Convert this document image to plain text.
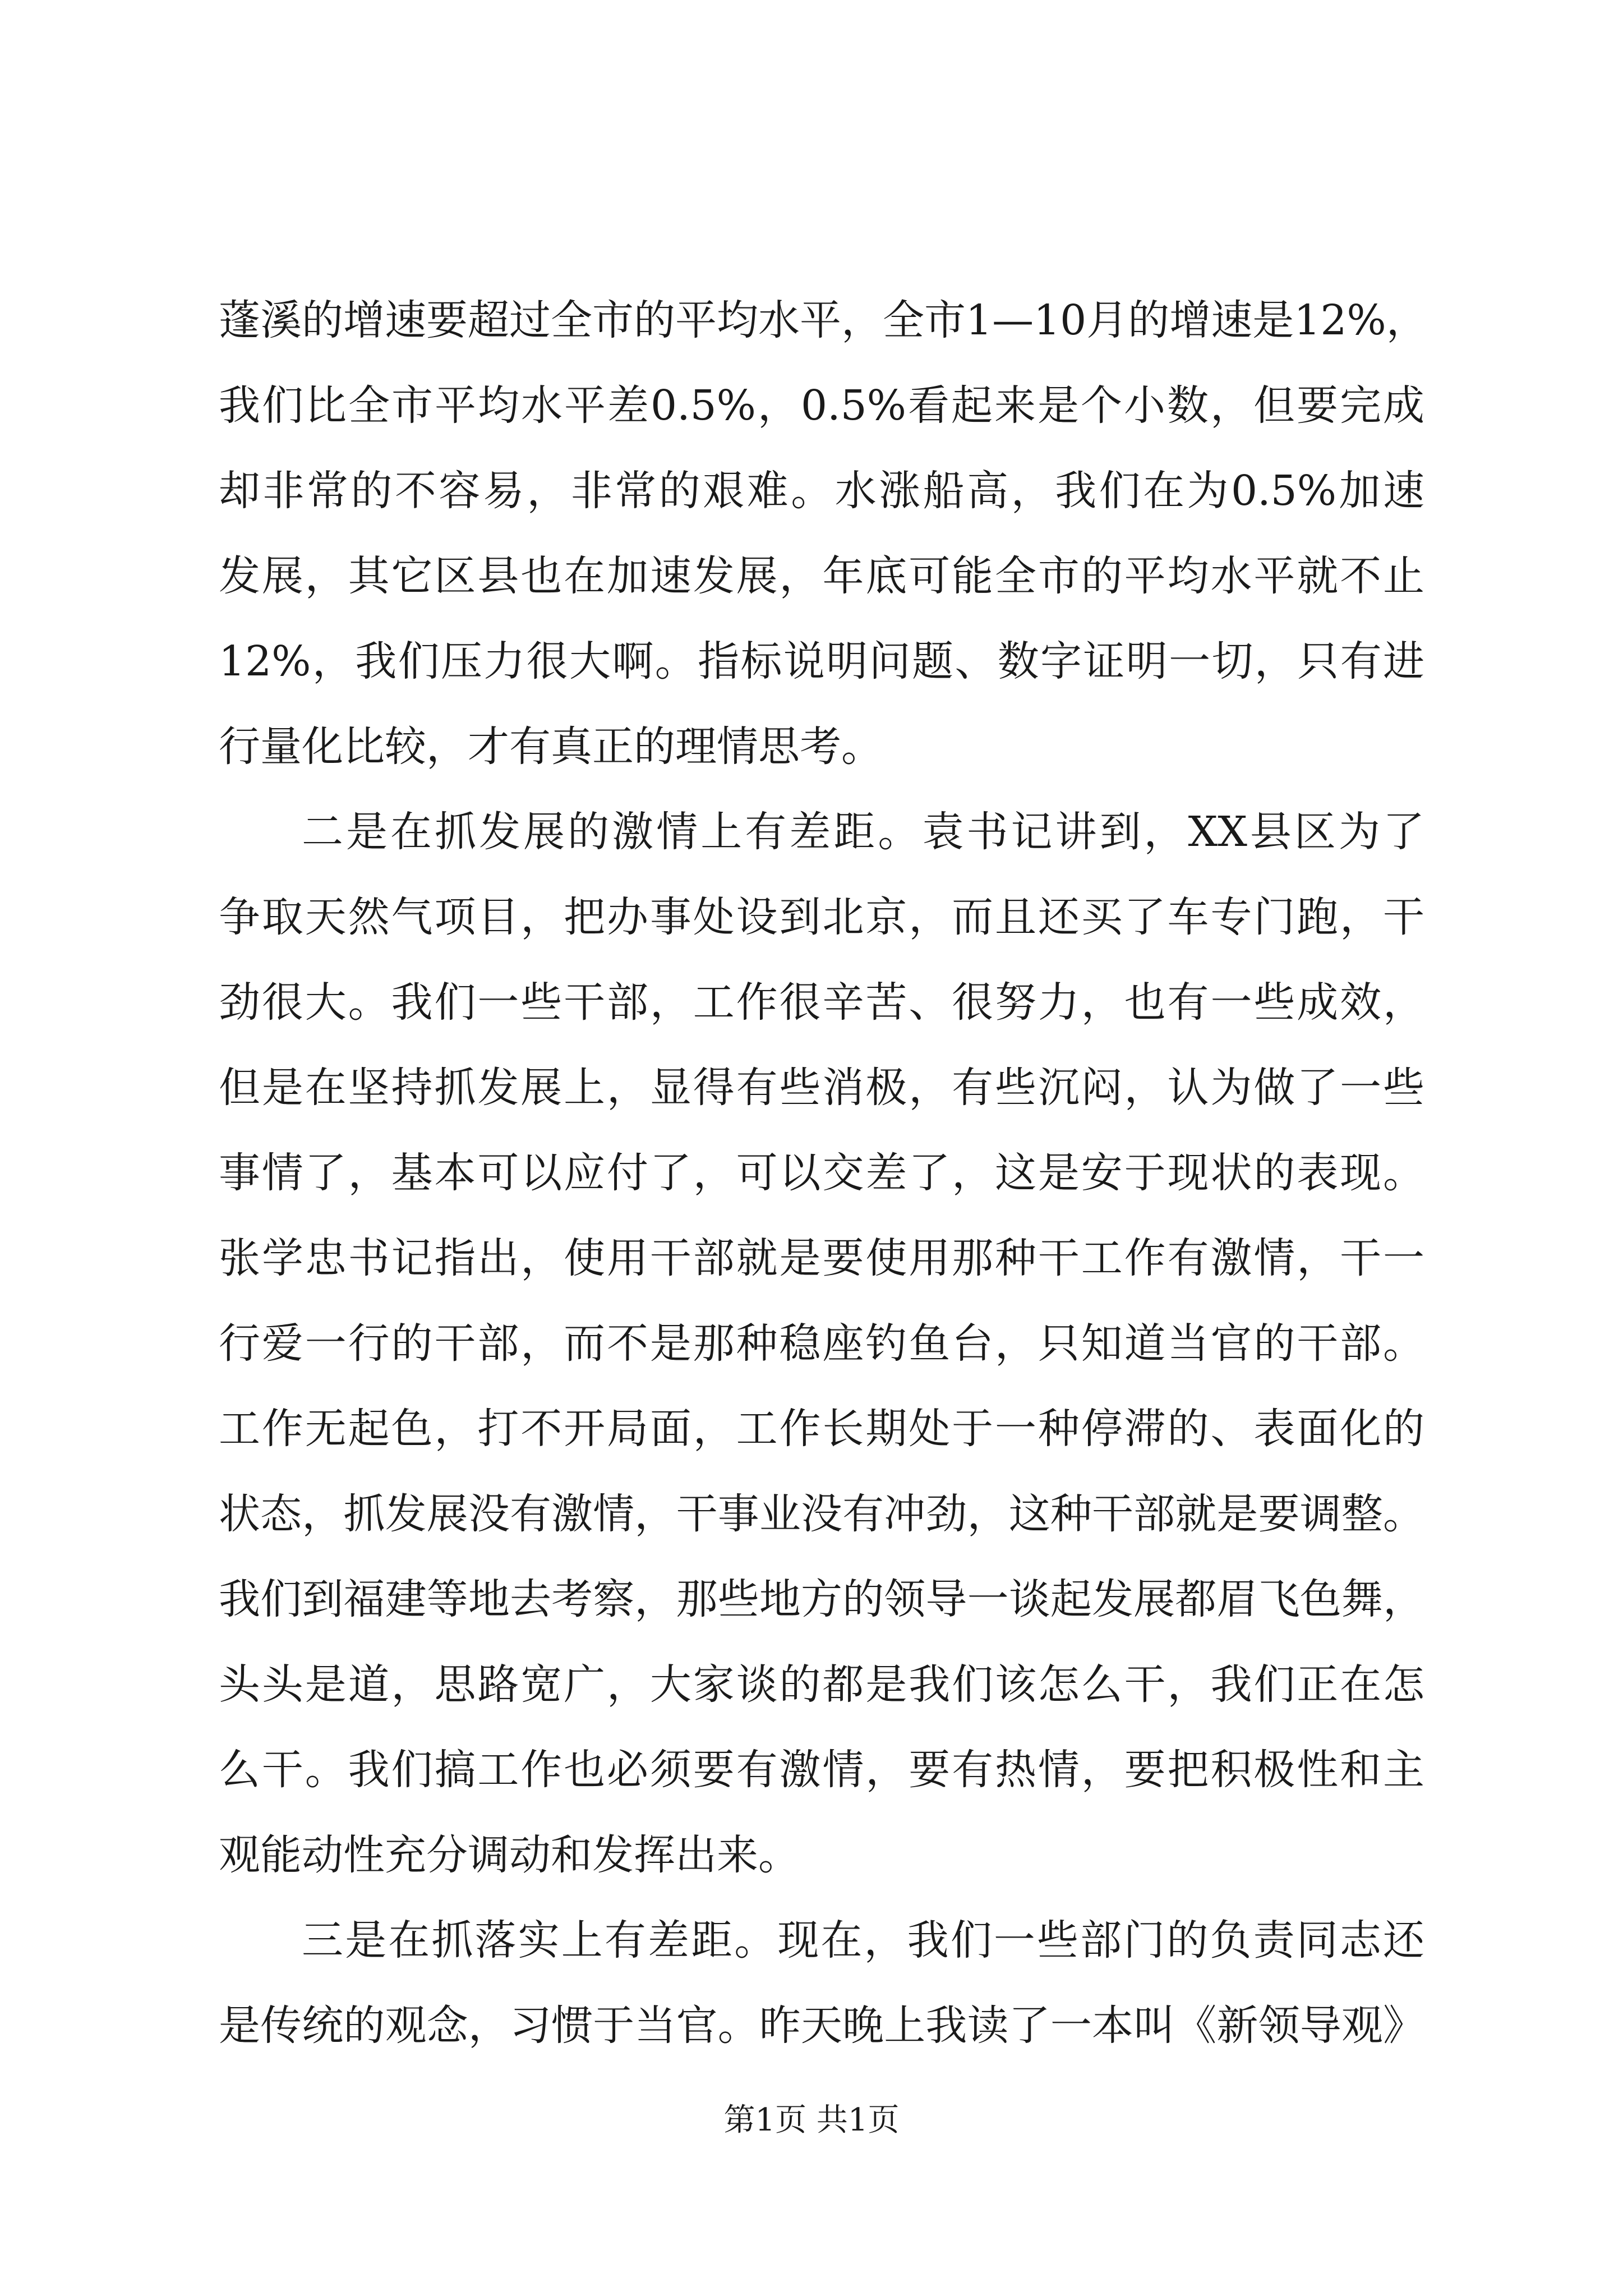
蓬溪的增速要超过全市的平均水平，全市1—10月的增速是12%，
我们比全市平均水平差0.5%，0.5%看起来是个小数，但要完成
却非常的不容易，非常的艰难。水涨船高，我们在为0.5%加速
发展，其它区县也在加速发展，年底可能全市的平均水平就不止
12%，我们压力很大啊。指标说明问题、数字证明一切，只有进
行量化比较，才有真正的理情思考。
二是在抓发展的激情上有差距。袁书记讲到，XX县区为了
争取天然气项目，把办事处设到北京，而且还买了车专门跑，干
劲很大。我们一些干部，工作很辛苦、很努力，也有一些成效，
但是在坚持抓发展上，显得有些消极，有些沉闷，认为做了一些
事情了，基本可以应付了，可以交差了，这是安于现状的表现。
张学忠书记指出，使用干部就是要使用那种干工作有激情，干一
行爱一行的干部，而不是那种稳座钓鱼台，只知道当官的干部。
工作无起色，打不开局面，工作长期处于一种停滞的、表面化的
状态，抓发展没有激情，干事业没有冲劲，这种干部就是要调整。
我们到福建等地去考察，那些地方的领导一谈起发展都眉飞色舞，
头头是道，思路宽广，大家谈的都是我们该怎么干，我们正在怎
么干。我们搞工作也必须要有激情，要有热情，要把积极性和主
观能动性充分调动和发挥出来。
三是在抓落实上有差距。现在，我们一些部门的负责同志还
是传统的观念，习惯于当官。昨天晚上我读了一本叫《新领导观》
第1页 共1页
